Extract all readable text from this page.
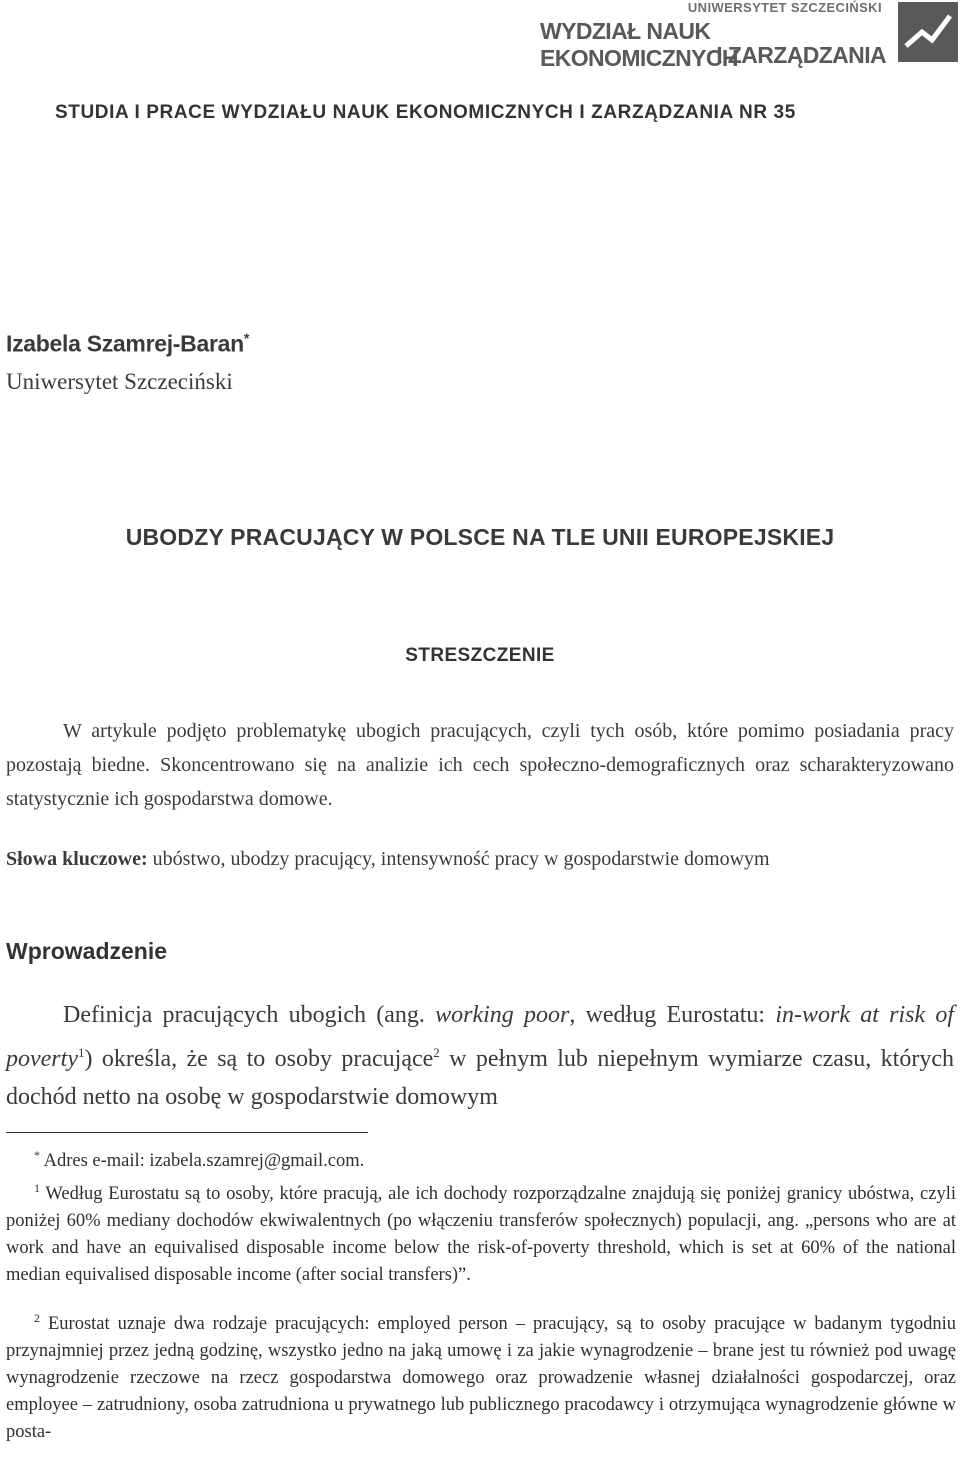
UNIWERSYTET SZCZECIŃSKI
WYDZIAŁ NAUK EKONOMICZNYCH
I ZARZĄDZANIA
STUDIA I PRACE WYDZIAŁU NAUK EKONOMICZNYCH I ZARZĄDZANIA NR 35
Izabela Szamrej-Baran*
Uniwersytet Szczeciński
UBODZY PRACUJĄCY W POLSCE NA TLE UNII EUROPEJSKIEJ
STRESZCZENIE
W artykule podjęto problematykę ubogich pracujących, czyli tych osób, które pomimo posiadania pracy pozostają biedne. Skoncentrowano się na analizie ich cech społeczno-demograficznych oraz scharakteryzowano statystycznie ich gospodarstwa domowe.
Słowa kluczowe: ubóstwo, ubodzy pracujący, intensywność pracy w gospodarstwie domowym
Wprowadzenie
Definicja pracujących ubogich (ang. working poor, według Eurostatu: in-work at risk of poverty$^1$) określa, że są to osoby pracujące$^2$ w pełnym lub niepełnym wymiarze czasu, których dochód netto na osobę w gospodarstwie domowym

* Adres e-mail: izabela.szamrej@gmail.com.

$^1$ Według Eurostatu są to osoby, które pracują, ale ich dochody rozporządzalne znajdują się poniżej granicy ubóstwa, czyli poniżej 60% mediany dochodów ekwiwalentnych (po włączeniu transferów społecznych) populacji, ang. „persons who are at work and have an equivalised disposable income below the risk-of-poverty threshold, which is set at 60% of the national median equivalised disposable income (after social transfers)”.

$^2$ Eurostat uznaje dwa rodzaje pracujących: employed person – pracujący, są to osoby pracujące w badanym tygodniu przynajmniej przez jedną godzinę, wszystko jedno na jaką umowę i za jakie wynagrodzenie – brane jest tu również pod uwagę wynagrodzenie rzeczowe na rzecz gospodarstwa domowego oraz prowadzenie własnej działalności gospodarczej, oraz employee – zatrudniony, osoba zatrudniona u prywatnego lub publicznego pracodawcy i otrzymująca wynagrodzenie główne w posta-
